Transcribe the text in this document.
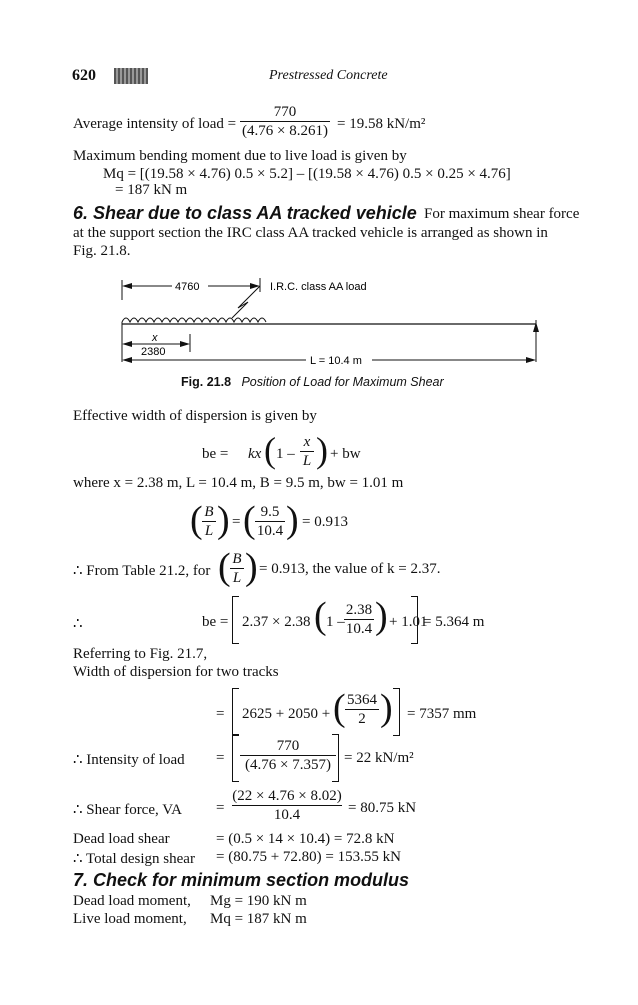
620	Prestressed Concrete
Average intensity of load = $\frac{770}{(4.76 \times 8.261)} = 19.58$ kN/m²
Maximum bending moment due to live load is given by
Mq = [(19.58 × 4.76) 0.5 × 5.2] – [(19.58 × 4.76) 0.5 × 0.25 × 4.76]
= 187 kN m
6. Shear due to class AA tracked vehicle For maximum shear force
at the support section the IRC class AA tracked vehicle is arranged as shown in
Fig. 21.8.
4760	I.R.C. class AA load
x
2380
L = 10.4 m
Fig. 21.8 Position of Load for Maximum Shear
Effective width of dispersion is given by
be = kx ( $1 - \frac{x}{L}$ ) + bw
where x = 2.38 m, L = 10.4 m, B = 9.5 m, bw = 1.01 m
( $\frac{B}{L}$ ) = ( $\frac{9.5}{10.4}$ ) = 0.913
∴ From Table 21.2, for ( $\frac{B}{L}$ ) = 0.913, the value of k = 2.37.
∴	be = 2.37 × 2.38 ( $1 - \frac{2.38}{10.4}$ ) + 1.01
= 5.364 m
Referring to Fig. 21.7,
Width of dispersion for two tracks
= 2625 + 2050 + ( $\frac{5364}{2}$ ) = 7357 mm
∴ Intensity of load = $\frac{770}{(4.76 \times 7.357)} = 22$ kN/m²
∴ Shear force, VA = $\frac{(22 \times 4.76 \times 8.02)}{10.4} = 80.75$ kN
Dead load shear	= (0.5 × 14 × 10.4) = 72.8 kN
∴ Total design shear = (80.75 + 72.80) = 153.55 kN
7. Check for minimum section modulus
Dead load moment, Mg = 190 kN m
Live load moment, Mq = 187 kN m
